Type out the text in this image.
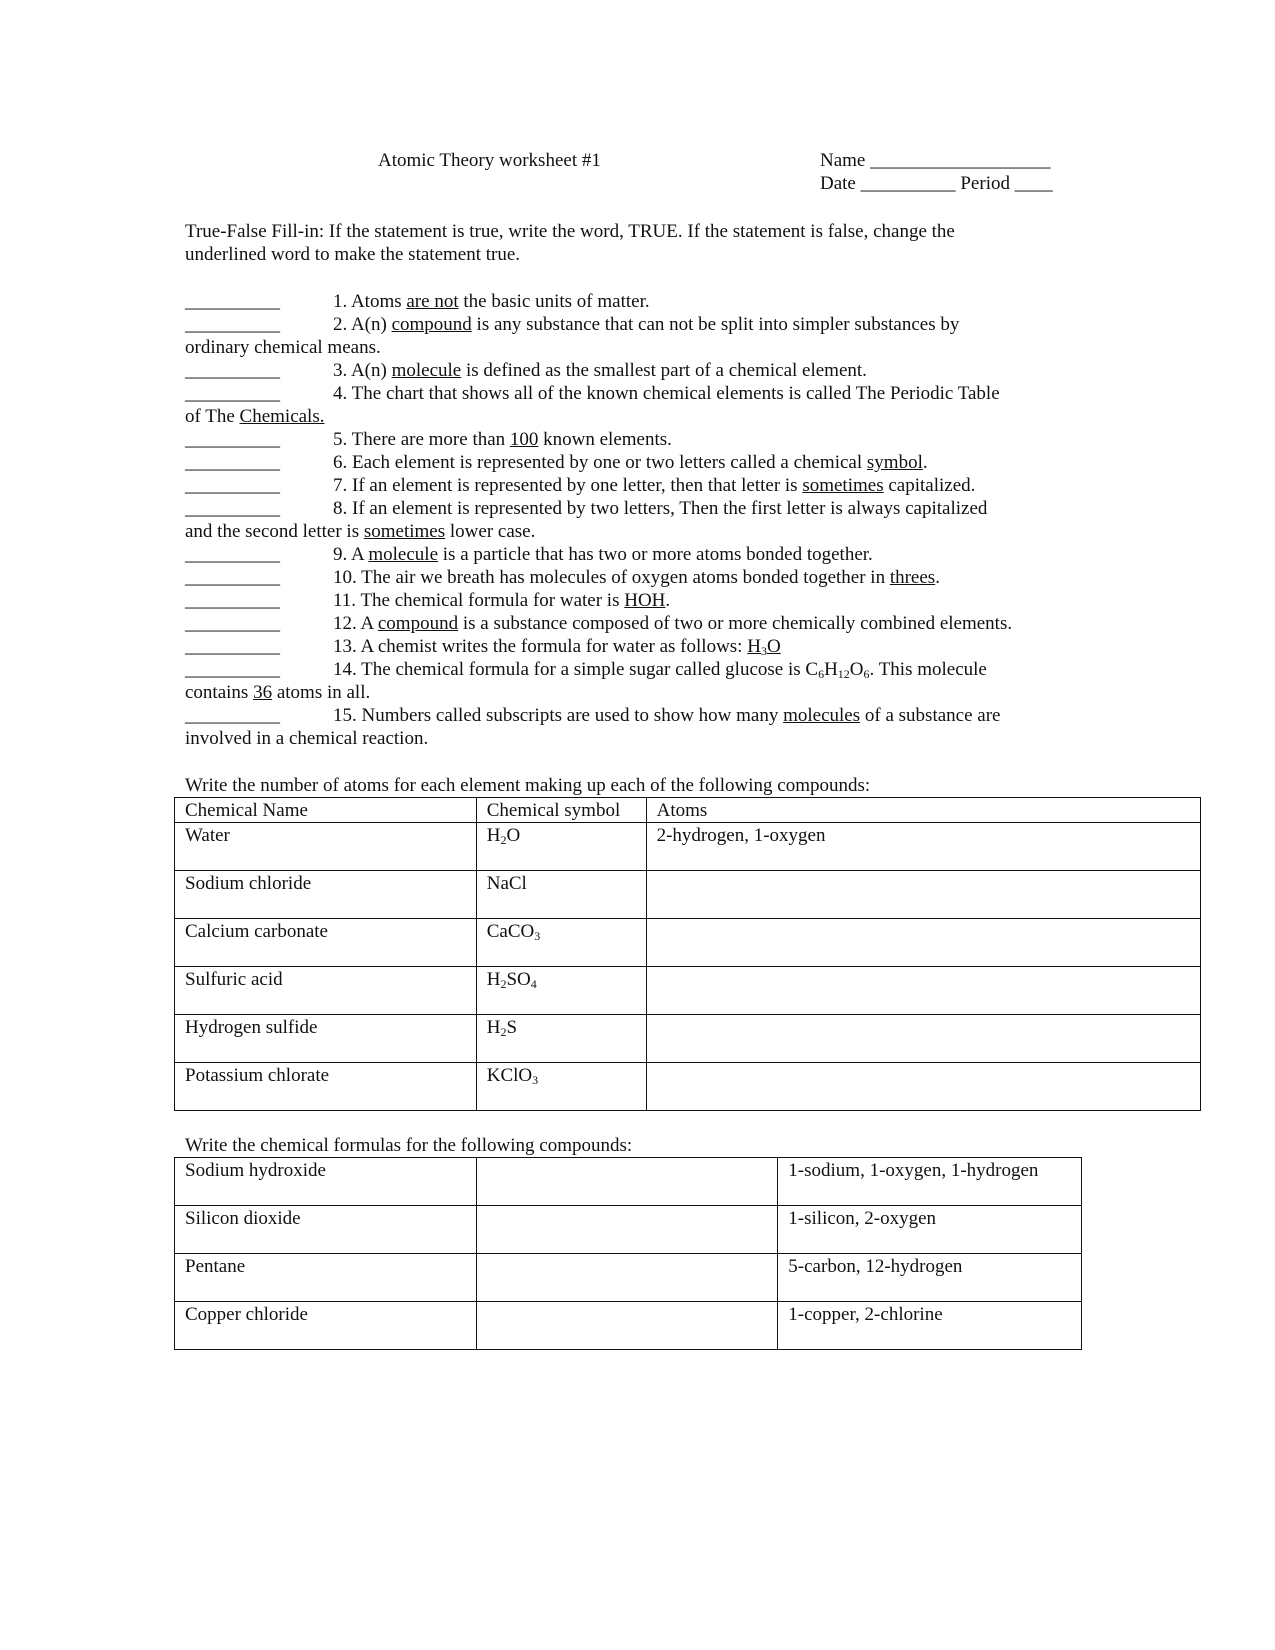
Atomic Theory worksheet #1	Name ___________________
Date __________ Period ____
True-False Fill-in: If the statement is true, write the word, TRUE. If the statement is false, change the
underlined word to make the statement true.
__________	1. Atoms are not the basic units of matter.
__________	2. A(n) compound is any substance that can not be split into simpler substances by
ordinary chemical means.
__________	3. A(n) molecule is defined as the smallest part of a chemical element.
__________	4. The chart that shows all of the known chemical elements is called The Periodic Table
of The Chemicals.
__________	5. There are more than 100 known elements.
__________	6. Each element is represented by one or two letters called a chemical symbol.
__________	7. If an element is represented by one letter, then that letter is sometimes capitalized.
__________	8. If an element is represented by two letters, Then the first letter is always capitalized
and the second letter is sometimes lower case.
__________	9. A molecule is a particle that has two or more atoms bonded together.
__________	10. The air we breath has molecules of oxygen atoms bonded together in threes.
__________	11. The chemical formula for water is HOH.
__________	12. A compound is a substance composed of two or more chemically combined elements.
__________	13. A chemist writes the formula for water as follows: $H_3O$
__________	14. The chemical formula for a simple sugar called glucose is $C_6H_{12}O_6$. This molecule
contains 36 atoms in all.
__________	15. Numbers called subscripts are used to show how many molecules of a substance are
involved in a chemical reaction.
Write the number of atoms for each element making up each of the following compounds:
Chemical Name	Chemical symbol	Atoms
Water	$H_2O$	2-hydrogen, 1-oxygen
Sodium chloride	NaCl	
Calcium carbonate	CaCO$_3$	
Sulfuric acid	$H_2SO_4$	
Hydrogen sulfide	$H_2S$	
Potassium chlorate	KClO$_3$	
Write the chemical formulas for the following compounds:
Sodium hydroxide		1-sodium, 1-oxygen, 1-hydrogen
Silicon dioxide		1-silicon, 2-oxygen
Pentane		5-carbon, 12-hydrogen
Copper chloride		1-copper, 2-chlorine
